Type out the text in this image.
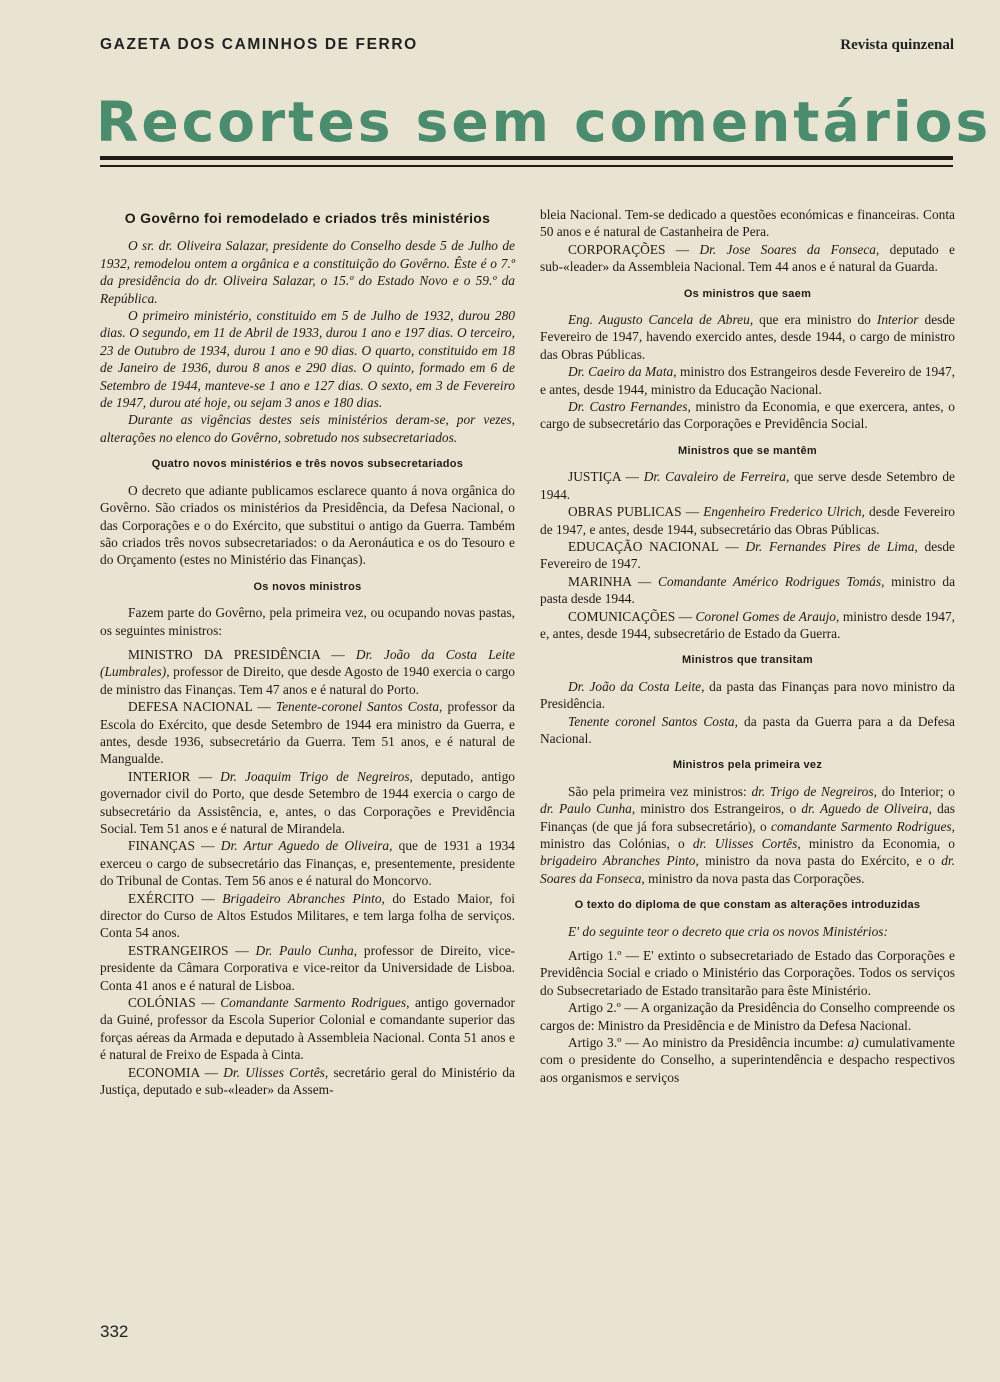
GAZETA DOS CAMINHOS DE FERRO	Revista quinzenal
Recortes sem comentários
O Govêrno foi remodelado e criados três ministérios

O sr. dr. Oliveira Salazar, presidente do Conselho desde 5 de Julho de 1932, remodelou ontem a orgânica e a constituição do Govêrno. Êste é o 7.º da presidência do dr. Oliveira Salazar, o 15.º do Estado Novo e o 59.º da República.

O primeiro ministério, constituido em 5 de Julho de 1932, durou 280 dias. O segundo, em 11 de Abril de 1933, durou 1 ano e 197 dias. O terceiro, 23 de Outubro de 1934, durou 1 ano e 90 dias. O quarto, constituido em 18 de Janeiro de 1936, durou 8 anos e 290 dias. O quinto, formado em 6 de Setembro de 1944, manteve-se 1 ano e 127 dias. O sexto, em 3 de Fevereiro de 1947, durou até hoje, ou sejam 3 anos e 180 dias.

Durante as vigências destes seis ministérios deram-se, por vezes, alterações no elenco do Govêrno, sobretudo nos subsecretariados.

Quatro novos ministérios e três novos subsecretariados

O decreto que adiante publicamos esclarece quanto á nova orgânica do Govêrno. São criados os ministérios da Presidência, da Defesa Nacional, o das Corporações e o do Exército, que substitui o antigo da Guerra. Também são criados três novos subsecretariados: o da Aeronáutica e os do Tesouro e do Orçamento (estes no Ministério das Finanças).

Os novos ministros

Fazem parte do Govêrno, pela primeira vez, ou ocupando novas pastas, os seguintes ministros:

MINISTRO DA PRESIDÊNCIA — Dr. João da Costa Leite (Lumbrales), professor de Direito, que desde Agosto de 1940 exercia o cargo de ministro das Finanças. Tem 47 anos e é natural do Porto.

DEFESA NACIONAL — Tenente-coronel Santos Costa, professor da Escola do Exército, que desde Setembro de 1944 era ministro da Guerra, e antes, desde 1936, subsecretário da Guerra. Tem 51 anos, e é natural de Mangualde.

INTERIOR — Dr. Joaquim Trigo de Negreiros, deputado, antigo governador civil do Porto, que desde Setembro de 1944 exercia o cargo de subsecretário da Assistência, e, antes, o das Corporações e Previdência Social. Tem 51 anos e é natural de Mirandela.

FINANÇAS — Dr. Artur Aguedo de Oliveira, que de 1931 a 1934 exerceu o cargo de subsecretário das Finanças, e, presentemente, presidente do Tribunal de Contas. Tem 56 anos e é natural do Moncorvo.

EXÉRCITO — Brigadeiro Abranches Pinto, do Estado Maior, foi director do Curso de Altos Estudos Militares, e tem larga folha de serviços. Conta 54 anos.

ESTRANGEIROS — Dr. Paulo Cunha, professor de Direito, vice-presidente da Câmara Corporativa e vice-reitor da Universidade de Lisboa. Conta 41 anos e é natural de Lisboa.

COLÓNIAS — Comandante Sarmento Rodrigues, antigo governador da Guiné, professor da Escola Superior Colonial e comandante superior das forças aéreas da Armada e deputado à Assembleia Nacional. Conta 51 anos e é natural de Freixo de Espada à Cinta.

ECONOMIA — Dr. Ulisses Cortês, secretário geral do Ministério da Justiça, deputado e sub-«leader» da Assem-

bleia Nacional. Tem-se dedicado a questões económicas e financeiras. Conta 50 anos e é natural de Castanheira de Pera.

CORPORAÇÕES — Dr. Jose Soares da Fonseca, deputado e sub-«leader» da Assembleia Nacional. Tem 44 anos e é natural da Guarda.

Os ministros que saem

Eng. Augusto Cancela de Abreu, que era ministro do Interior desde Fevereiro de 1947, havendo exercido antes, desde 1944, o cargo de ministro das Obras Públicas.

Dr. Caeiro da Mata, ministro dos Estrangeiros desde Fevereiro de 1947, e antes, desde 1944, ministro da Educação Nacional.

Dr. Castro Fernandes, ministro da Economia, e que exercera, antes, o cargo de subsecretário das Corporações e Previdência Social.

Ministros que se mantêm

JUSTIÇA — Dr. Cavaleiro de Ferreira, que serve desde Setembro de 1944.

OBRAS PUBLICAS — Engenheiro Frederico Ulrich, desde Fevereiro de 1947, e antes, desde 1944, subsecretário das Obras Públicas.

EDUCAÇÃO NACIONAL — Dr. Fernandes Pires de Lima, desde Fevereiro de 1947.

MARINHA — Comandante Américo Rodrigues Tomás, ministro da pasta desde 1944.

COMUNICAÇÕES — Coronel Gomes de Araujo, ministro desde 1947, e, antes, desde 1944, subsecretário de Estado da Guerra.

Ministros que transitam

Dr. João da Costa Leite, da pasta das Finanças para novo ministro da Presidência.

Tenente coronel Santos Costa, da pasta da Guerra para a da Defesa Nacional.

Ministros pela primeira vez

São pela primeira vez ministros: dr. Trigo de Negreiros, do Interior; o dr. Paulo Cunha, ministro dos Estrangeiros, o dr. Aguedo de Oliveira, das Finanças (de que já fora subsecretário), o comandante Sarmento Rodrigues, ministro das Colónias, o dr. Ulisses Cortês, ministro da Economia, o brigadeiro Abranches Pinto, ministro da nova pasta do Exército, e o dr. Soares da Fonseca, ministro da nova pasta das Corporações.

O texto do diploma de que constam as alterações introduzidas

E' do seguinte teor o decreto que cria os novos Ministérios:

Artigo 1.º — E' extinto o subsecretariado de Estado das Corporações e Previdência Social e criado o Ministério das Corporações. Todos os serviços do Subsecretariado de Estado transitarão para êste Ministério.

Artigo 2.º — A organização da Presidência do Conselho compreende os cargos de: Ministro da Presidência e de Ministro da Defesa Nacional.

Artigo 3.º — Ao ministro da Presidência incumbe: a) cumulativamente com o presidente do Conselho, a superintendência e despacho respectivos aos organismos e serviços

332
